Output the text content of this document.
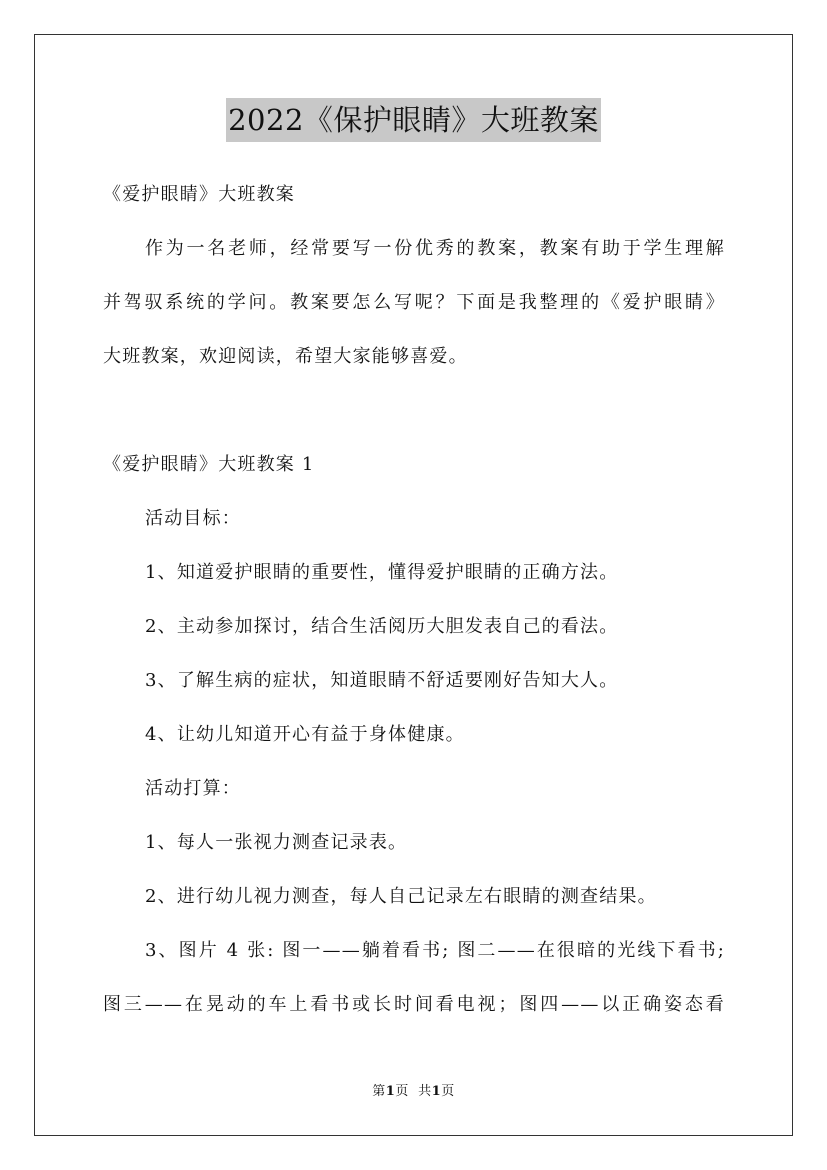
2022《保护眼睛》大班教案
《爱护眼睛》大班教案
作为一名老师，经常要写一份优秀的教案，教案有助于学生理解
并驾驭系统的学问。教案要怎么写呢？下面是我整理的《爱护眼睛》
大班教案，欢迎阅读，希望大家能够喜爱。
《爱护眼睛》大班教案 1
活动目标：
1、知道爱护眼睛的重要性，懂得爱护眼睛的正确方法。
2、主动参加探讨，结合生活阅历大胆发表自己的看法。
3、了解生病的症状，知道眼睛不舒适要刚好告知大人。
4、让幼儿知道开心有益于身体健康。
活动打算：
1、每人一张视力测查记录表。
2、进行幼儿视力测查，每人自己记录左右眼睛的测查结果。
3、图片 4 张: 图一——躺着看书; 图二——在很暗的光线下看书;
图三——在晃动的车上看书或长时间看电视；图四——以正确姿态看
第1页 共1页
